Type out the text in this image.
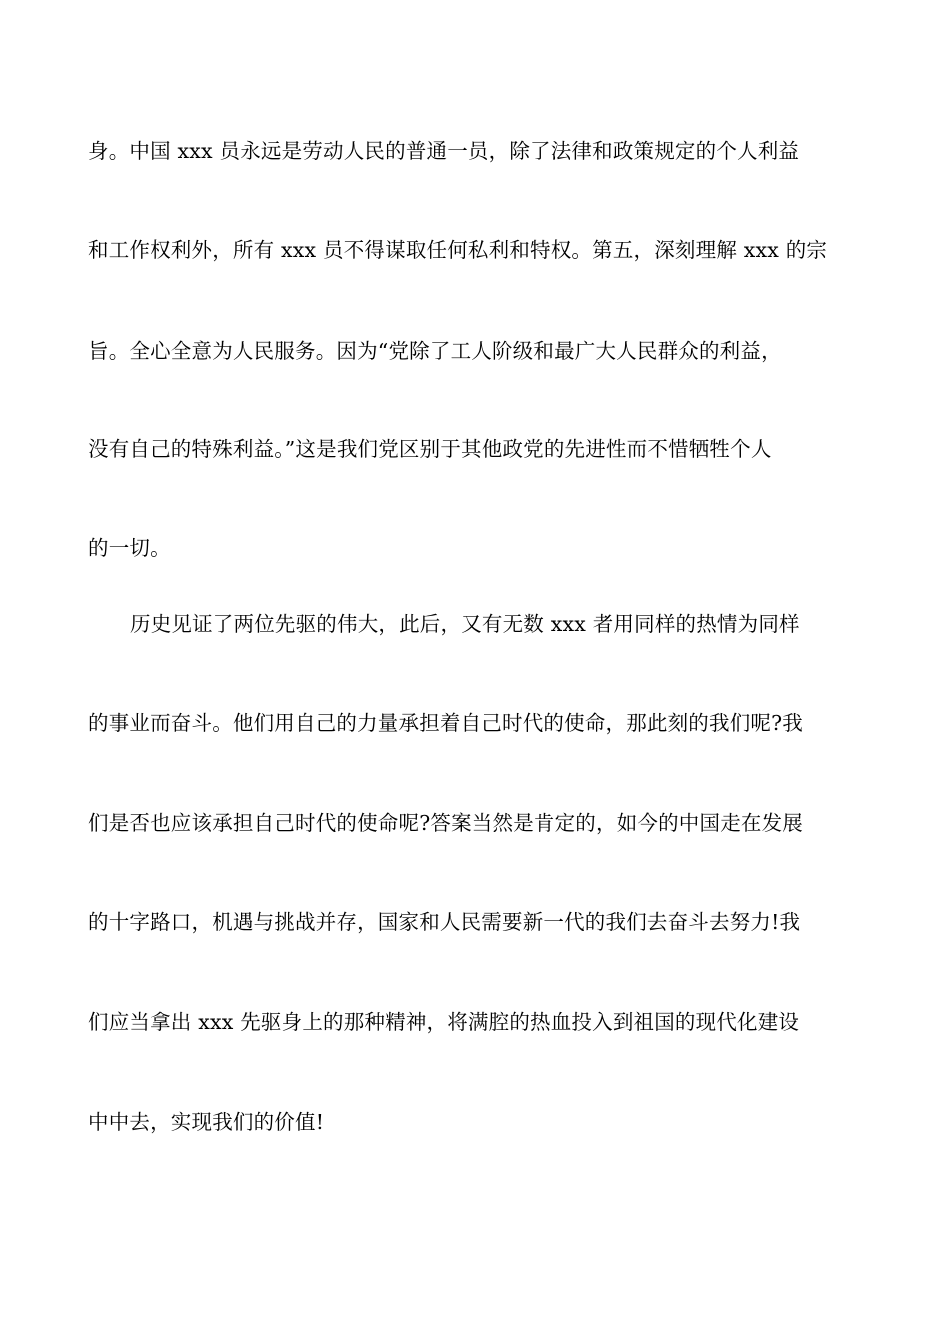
身。中国 xxx 员永远是劳动人民的普通一员，除了法律和政策规定的个人利益
和工作权利外，所有 xxx 员不得谋取任何私利和特权。第五，深刻理解 xxx 的宗
旨。全心全意为人民服务。因为“党除了工人阶级和最广大人民群众的利益，
没有自己的特殊利益。”这是我们党区别于其他政党的先进性而不惜牺牲个人
的一切。
历史见证了两位先驱的伟大，此后，又有无数 xxx 者用同样的热情为同样
的事业而奋斗。他们用自己的力量承担着自己时代的使命，那此刻的我们呢?我
们是否也应该承担自己时代的使命呢?答案当然是肯定的，如今的中国走在发展
的十字路口，机遇与挑战并存，国家和人民需要新一代的我们去奋斗去努力!我
们应当拿出 xxx 先驱身上的那种精神，将满腔的热血投入到祖国的现代化建设
中中去，实现我们的价值!
